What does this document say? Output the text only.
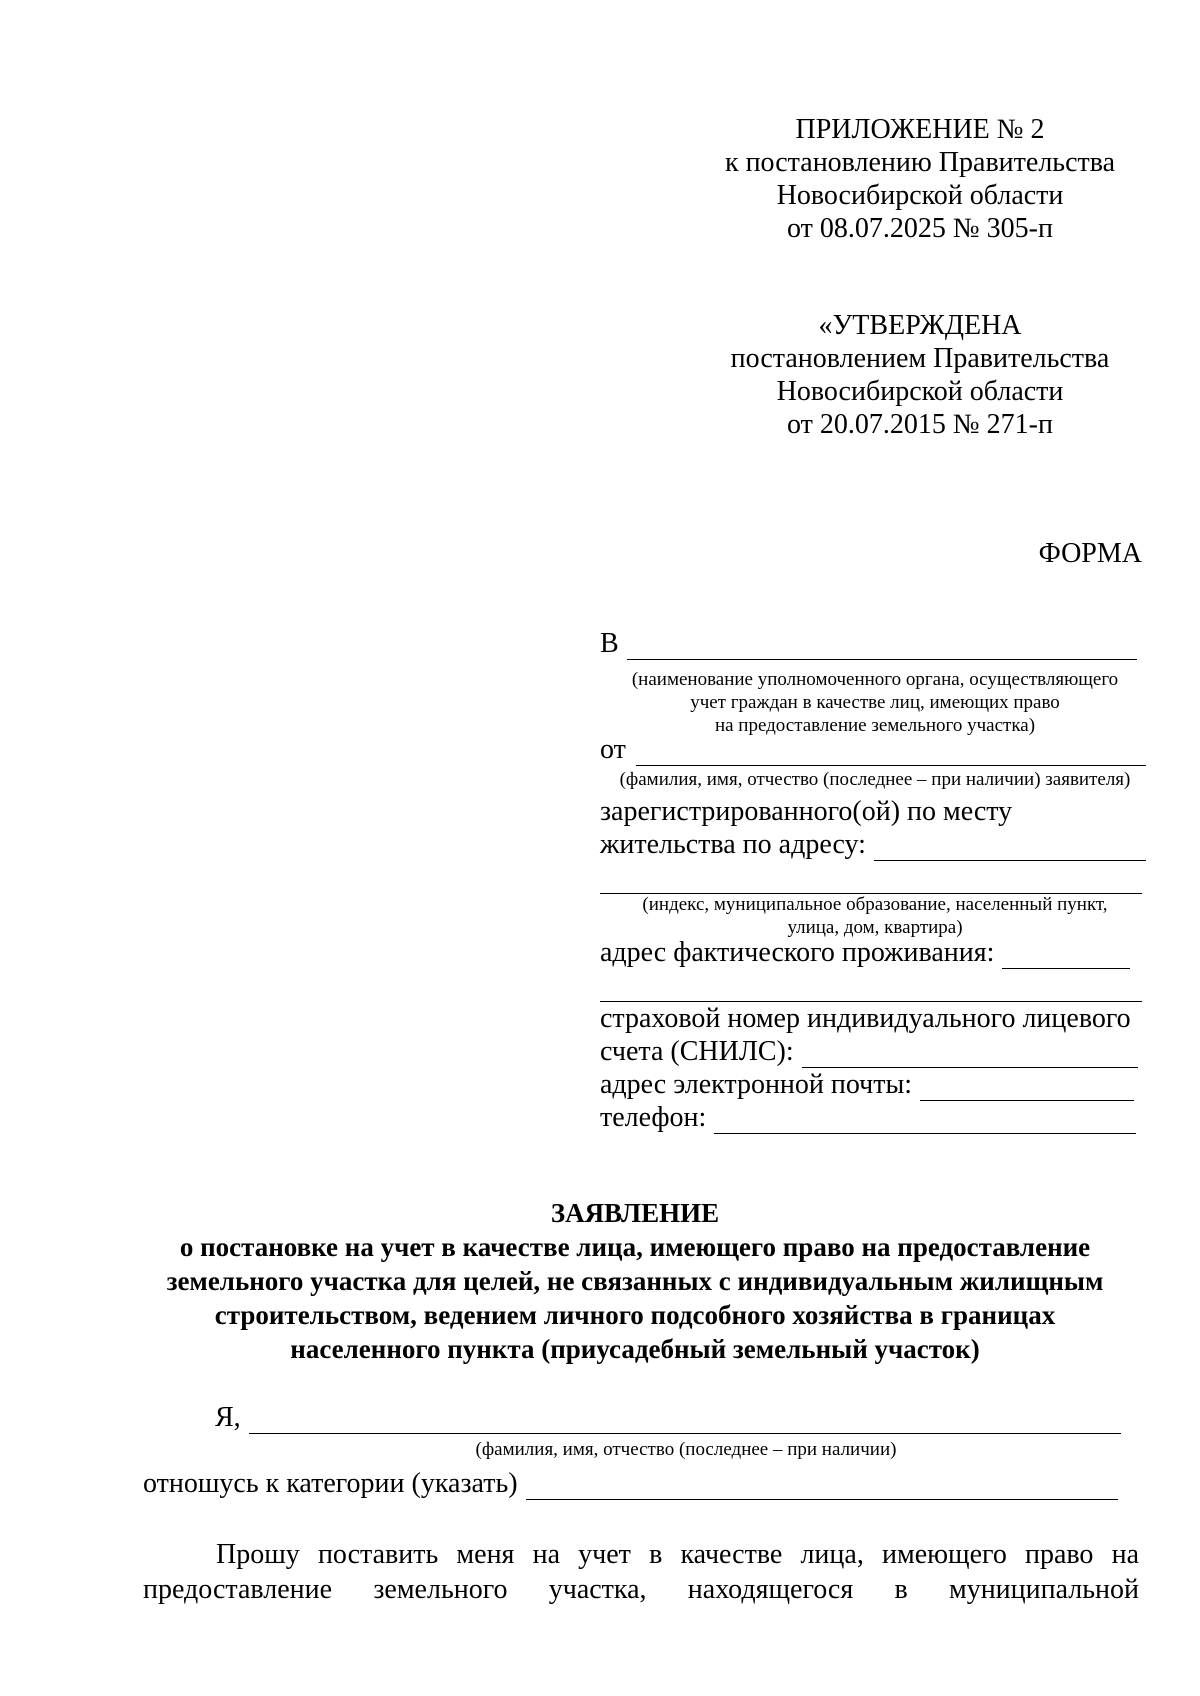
ПРИЛОЖЕНИЕ № 2
к постановлению Правительства
Новосибирской области
от 08.07.2025 № 305-п
«УТВЕРЖДЕНА
постановлением Правительства
Новосибирской области
от 20.07.2015 № 271-п
ФОРМА
В
(наименование уполномоченного органа, осуществляющего
учет граждан в качестве лиц, имеющих право
на предоставление земельного участка)
от
(фамилия, имя, отчество (последнее – при наличии) заявителя)
зарегистрированного(ой) по месту
жительства по адресу:
(индекс, муниципальное образование, населенный пункт,
улица, дом, квартира)
адрес фактического проживания:
страховой номер индивидуального лицевого
счета (СНИЛС):
адрес электронной почты:
телефон:
ЗАЯВЛЕНИЕ
о постановке на учет в качестве лица, имеющего право на предоставление
земельного участка для целей, не связанных с индивидуальным жилищным
строительством, ведением личного подсобного хозяйства в границах
населенного пункта (приусадебный земельный участок)
Я,
(фамилия, имя, отчество (последнее – при наличии)
отношусь к категории (указать)
Прошу поставить меня на учет в качестве лица, имеющего право на
предоставление земельного участка, находящегося в муниципальной
